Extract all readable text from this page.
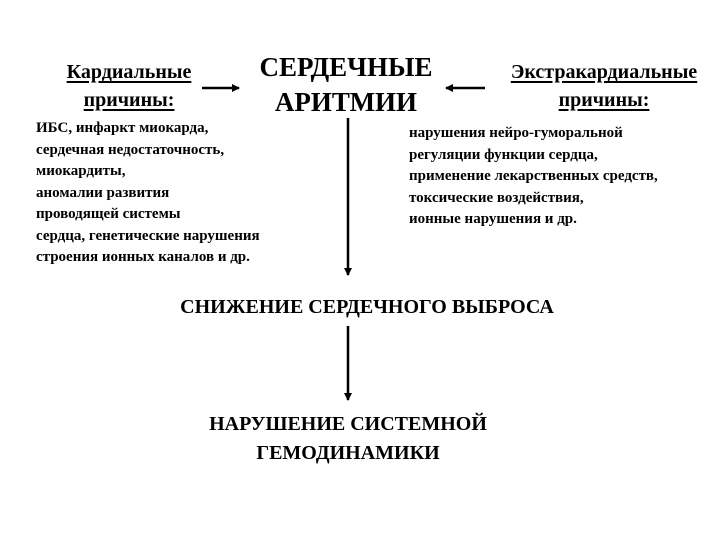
СЕРДЕЧНЫЕ
АРИТМИИ
Кардиальные
причины:
Экстракардиальные
причины:
ИБС, инфаркт миокарда,
сердечная недостаточность,
миокардиты,
аномалии развития
проводящей системы
сердца, генетические нарушения
строения ионных каналов и др.
нарушения нейро-гуморальной
регуляции функции сердца,
применение лекарственных средств,
токсические воздействия,
ионные нарушения и др.
СНИЖЕНИЕ СЕРДЕЧНОГО ВЫБРОСА
НАРУШЕНИЕ СИСТЕМНОЙ
ГЕМОДИНАМИКИ
